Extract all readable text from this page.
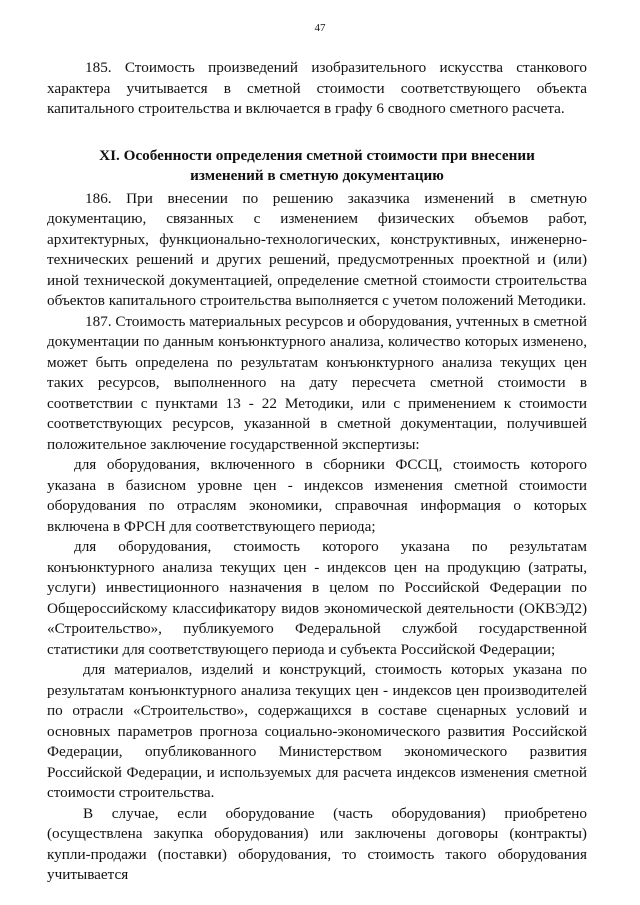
47

185. Стоимость произведений изобразительного искусства станкового характера учитывается в сметной стоимости соответствующего объекта капитального строительства и включается в графу 6 сводного сметного расчета.

XI. Особенности определения сметной стоимости при внесении
изменений в сметную документацию

186. При внесении по решению заказчика изменений в сметную документацию, связанных с изменением физических объемов работ, архитектурных, функционально-технологических, конструктивных, инженерно-технических решений и других решений, предусмотренных проектной и (или) иной технической документацией, определение сметной стоимости строительства объектов капитального строительства выполняется с учетом положений Методики.

187. Стоимость материальных ресурсов и оборудования, учтенных в сметной документации по данным конъюнктурного анализа, количество которых изменено, может быть определена по результатам конъюнктурного анализа текущих цен таких ресурсов, выполненного на дату пересчета сметной стоимости в соответствии с пунктами 13 - 22 Методики, или с применением к стоимости соответствующих ресурсов, указанной в сметной документации, получившей положительное заключение государственной экспертизы:

для оборудования, включенного в сборники ФССЦ, стоимость которого указана в базисном уровне цен - индексов изменения сметной стоимости оборудования по отраслям экономики, справочная информация о которых включена в ФРСН для соответствующего периода;

для оборудования, стоимость которого указана по результатам конъюнктурного анализа текущих цен - индексов цен на продукцию (затраты, услуги) инвестиционного назначения в целом по Российской Федерации по Общероссийскому классификатору видов экономической деятельности (ОКВЭД2) «Строительство», публикуемого Федеральной службой государственной статистики для соответствующего периода и субъекта Российской Федерации;

для материалов, изделий и конструкций, стоимость которых указана по результатам конъюнктурного анализа текущих цен - индексов цен производителей по отрасли «Строительство», содержащихся в составе сценарных условий и основных параметров прогноза социально-экономического развития Российской Федерации, опубликованного Министерством экономического развития Российской Федерации, и используемых для расчета индексов изменения сметной стоимости строительства.

В случае, если оборудование (часть оборудования) приобретено (осуществлена закупка оборудования) или заключены договоры (контракты) купли-продажи (поставки) оборудования, то стоимость такого оборудования учитывается
